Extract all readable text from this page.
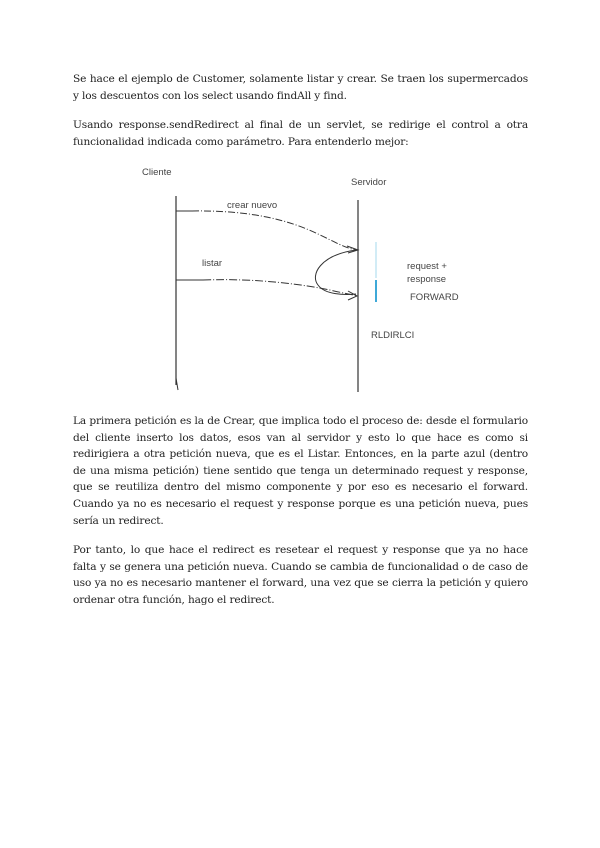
Se hace el ejemplo de Customer, solamente listar y crear. Se traen los supermercados y los descuentos con los select usando findAll y find.

Usando response.sendRedirect al final de un servlet, se redirige el control a otra funcionalidad indicada como parámetro. Para entenderlo mejor:

Cliente
Servidor
crear nuevo
listar	request +
response
FORWARD
RLDIRLCI

La primera petición es la de Crear, que implica todo el proceso de: desde el formulario del cliente inserto los datos, esos van al servidor y esto lo que hace es como si redirigiera a otra petición nueva, que es el Listar. Entonces, en la parte azul (dentro de una misma petición) tiene sentido que tenga un determinado request y response, que se reutiliza dentro del mismo componente y por eso es necesario el forward. Cuando ya no es necesario el request y response porque es una petición nueva, pues sería un redirect.

Por tanto, lo que hace el redirect es resetear el request y response que ya no hace falta y se genera una petición nueva. Cuando se cambia de funcionalidad o de caso de uso ya no es necesario mantener el forward, una vez que se cierra la petición y quiero ordenar otra función, hago el redirect.
